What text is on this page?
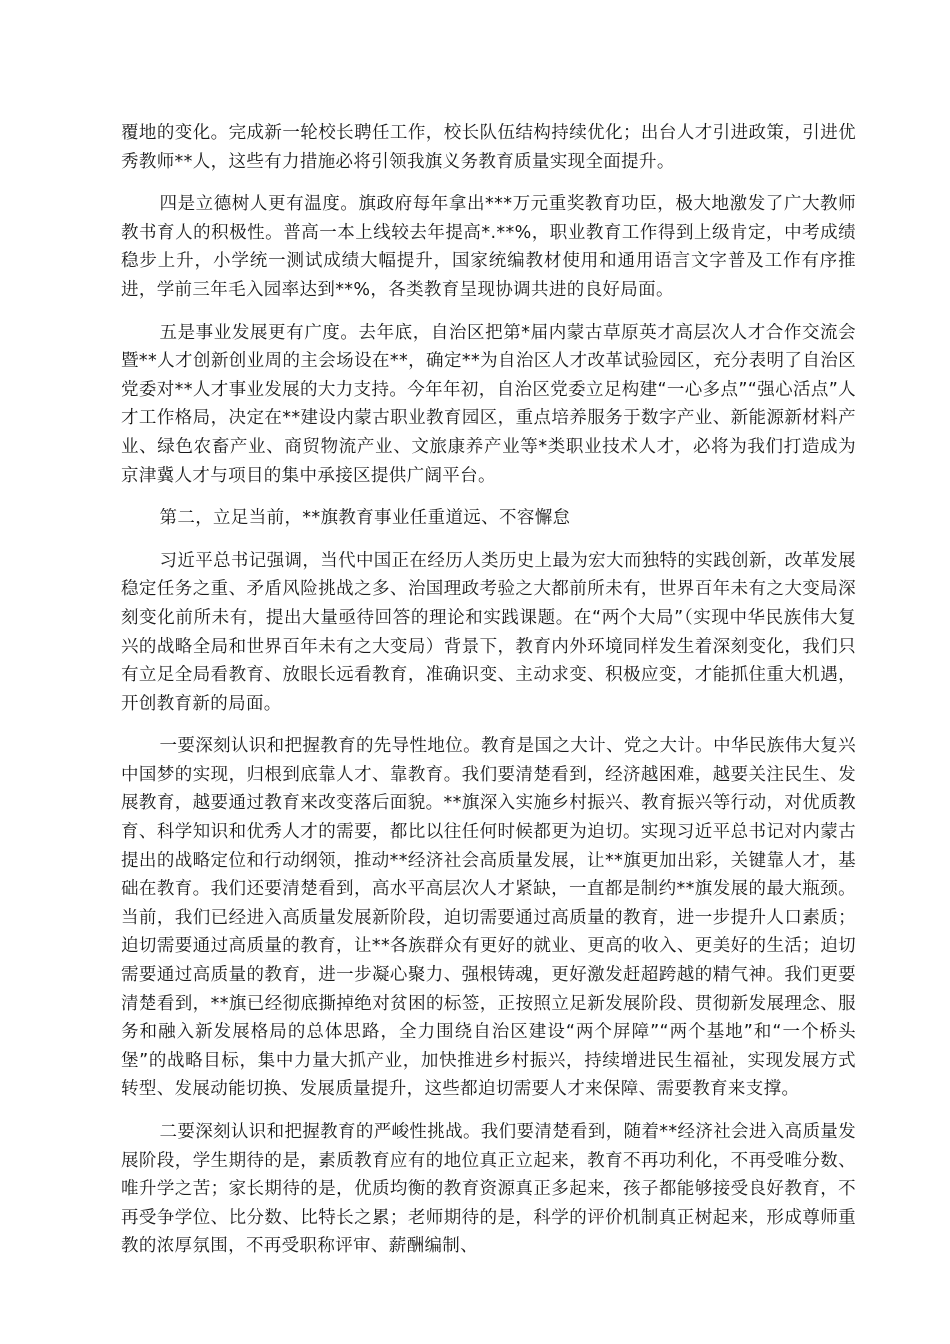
覆地的变化。完成新一轮校长聘任工作，校长队伍结构持续优化；出台人才引进政策，引进优秀教师**人，这些有力措施必将引领我旗义务教育质量实现全面提升。

四是立德树人更有温度。旗政府每年拿出***万元重奖教育功臣，极大地激发了广大教师教书育人的积极性。普高一本上线较去年提高*.**%，职业教育工作得到上级肯定，中考成绩稳步上升，小学统一测试成绩大幅提升，国家统编教材使用和通用语言文字普及工作有序推进，学前三年毛入园率达到**%，各类教育呈现协调共进的良好局面。

五是事业发展更有广度。去年底，自治区把第*届内蒙古草原英才高层次人才合作交流会暨**人才创新创业周的主会场设在**，确定**为自治区人才改革试验园区，充分表明了自治区党委对**人才事业发展的大力支持。今年年初，自治区党委立足构建“一心多点”“强心活点”人才工作格局，决定在**建设内蒙古职业教育园区，重点培养服务于数字产业、新能源新材料产业、绿色农畜产业、商贸物流产业、文旅康养产业等*类职业技术人才，必将为我们打造成为京津冀人才与项目的集中承接区提供广阔平台。

第二，立足当前，**旗教育事业任重道远、不容懈怠

习近平总书记强调，当代中国正在经历人类历史上最为宏大而独特的实践创新，改革发展稳定任务之重、矛盾风险挑战之多、治国理政考验之大都前所未有，世界百年未有之大变局深刻变化前所未有，提出大量亟待回答的理论和实践课题。在“两个大局”（实现中华民族伟大复兴的战略全局和世界百年未有之大变局）背景下，教育内外环境同样发生着深刻变化，我们只有立足全局看教育、放眼长远看教育，准确识变、主动求变、积极应变，才能抓住重大机遇，开创教育新的局面。

一要深刻认识和把握教育的先导性地位。教育是国之大计、党之大计。中华民族伟大复兴中国梦的实现，归根到底靠人才、靠教育。我们要清楚看到，经济越困难，越要关注民生、发展教育，越要通过教育来改变落后面貌。**旗深入实施乡村振兴、教育振兴等行动，对优质教育、科学知识和优秀人才的需要，都比以往任何时候都更为迫切。实现习近平总书记对内蒙古提出的战略定位和行动纲领，推动**经济社会高质量发展，让**旗更加出彩，关键靠人才，基础在教育。我们还要清楚看到，高水平高层次人才紧缺，一直都是制约**旗发展的最大瓶颈。当前，我们已经进入高质量发展新阶段，迫切需要通过高质量的教育，进一步提升人口素质；迫切需要通过高质量的教育，让**各族群众有更好的就业、更高的收入、更美好的生活；迫切需要通过高质量的教育，进一步凝心聚力、强根铸魂，更好激发赶超跨越的精气神。我们更要清楚看到，**旗已经彻底撕掉绝对贫困的标签，正按照立足新发展阶段、贯彻新发展理念、服务和融入新发展格局的总体思路，全力围绕自治区建设“两个屏障”“两个基地”和“一个桥头堡”的战略目标，集中力量大抓产业，加快推进乡村振兴，持续增进民生福祉，实现发展方式转型、发展动能切换、发展质量提升，这些都迫切需要人才来保障、需要教育来支撑。

二要深刻认识和把握教育的严峻性挑战。我们要清楚看到，随着**经济社会进入高质量发展阶段，学生期待的是，素质教育应有的地位真正立起来，教育不再功利化，不再受唯分数、唯升学之苦；家长期待的是，优质均衡的教育资源真正多起来，孩子都能够接受良好教育，不再受争学位、比分数、比特长之累；老师期待的是，科学的评价机制真正树起来，形成尊师重教的浓厚氛围，不再受职称评审、薪酬编制、
